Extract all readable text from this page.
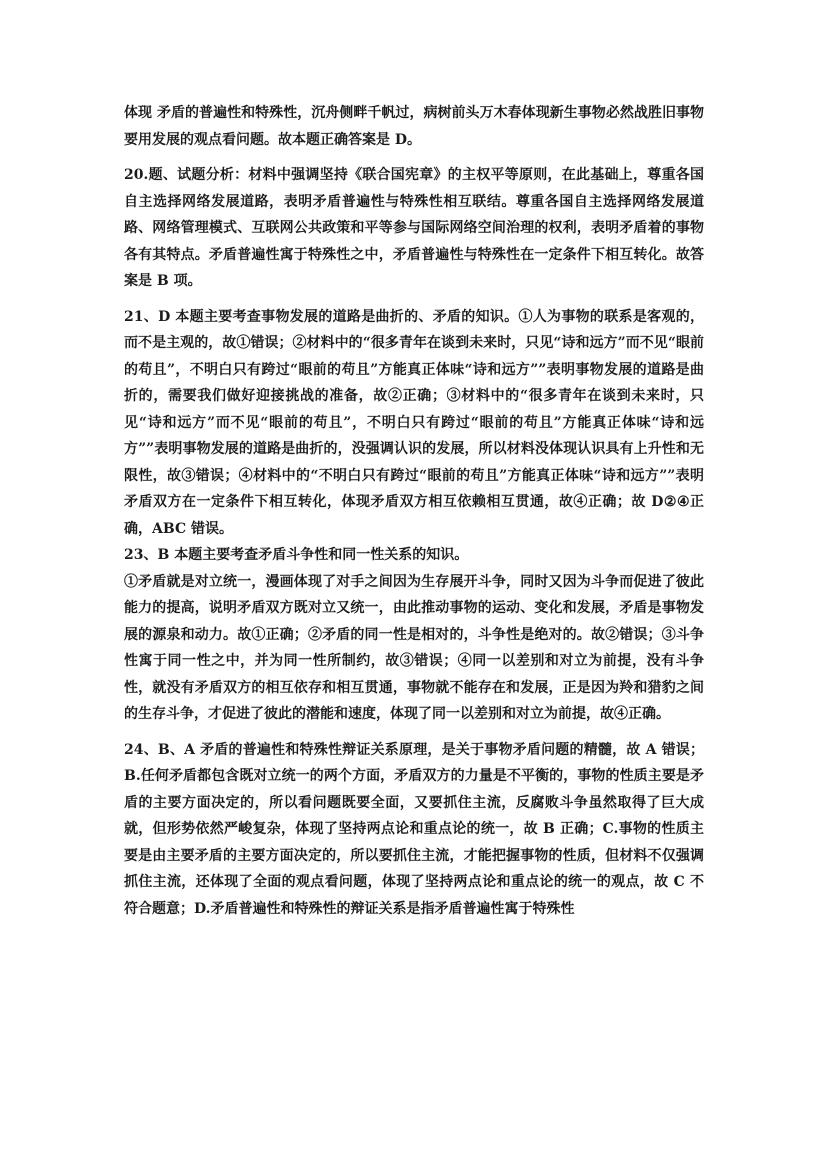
体现 矛盾的普遍性和特殊性，沉舟侧畔千帆过，病树前头万木春体现新生事物必然战胜旧事物要用发展的观点看问题。故本题正确答案是 D。

20.题、试题分析：材料中强调坚持《联合国宪章》的主权平等原则，在此基础上，尊重各国自主选择网络发展道路，表明矛盾普遍性与特殊性相互联结。尊重各国自主选择网络发展道路、网络管理模式、互联网公共政策和平等参与国际网络空间治理的权利，表明矛盾着的事物各有其特点。矛盾普遍性寓于特殊性之中，矛盾普遍性与特殊性在一定条件下相互转化。故答案是 B 项。

21、D 本题主要考查事物发展的道路是曲折的、矛盾的知识。①人为事物的联系是客观的，而不是主观的，故①错误；②材料中的“很多青年在谈到未来时，只见“诗和远方”而不见“眼前的苟且”，不明白只有跨过“眼前的苟且”方能真正体味“诗和远方””表明事物发展的道路是曲折的，需要我们做好迎接挑战的准备，故②正确；③材料中的“很多青年在谈到未来时，只见“诗和远方”而不见“眼前的苟且”，不明白只有跨过“眼前的苟且”方能真正体味“诗和远方””表明事物发展的道路是曲折的，没强调认识的发展，所以材料没体现认识具有上升性和无限性，故③错误；④材料中的“不明白只有跨过“眼前的苟且”方能真正体味“诗和远方””表明矛盾双方在一定条件下相互转化，体现矛盾双方相互依赖相互贯通，故④正确；故 D②④正确，ABC 错误。

23、B 本题主要考查矛盾斗争性和同一性关系的知识。

①矛盾就是对立统一，漫画体现了对手之间因为生存展开斗争，同时又因为斗争而促进了彼此能力的提高，说明矛盾双方既对立又统一，由此推动事物的运动、变化和发展，矛盾是事物发展的源泉和动力。故①正确；②矛盾的同一性是相对的，斗争性是绝对的。故②错误；③斗争性寓于同一性之中，并为同一性所制约，故③错误；④同一以差别和对立为前提，没有斗争性，就没有矛盾双方的相互依存和相互贯通，事物就不能存在和发展，正是因为羚和猎豹之间的生存斗争，才促进了彼此的潜能和速度，体现了同一以差别和对立为前提，故④正确。

24、B、A 矛盾的普遍性和特殊性辩证关系原理，是关于事物矛盾问题的精髓，故 A 错误；B.任何矛盾都包含既对立统一的两个方面，矛盾双方的力量是不平衡的，事物的性质主要是矛盾的主要方面决定的，所以看问题既要全面，又要抓住主流，反腐败斗争虽然取得了巨大成就，但形势依然严峻复杂，体现了坚持两点论和重点论的统一，故 B 正确；C.事物的性质主要是由主要矛盾的主要方面决定的，所以要抓住主流，才能把握事物的性质，但材料不仅强调抓住主流，还体现了全面的观点看问题，体现了坚持两点论和重点论的统一的观点，故 C 不符合题意；D.矛盾普遍性和特殊性的辩证关系是指矛盾普遍性寓于特殊性
